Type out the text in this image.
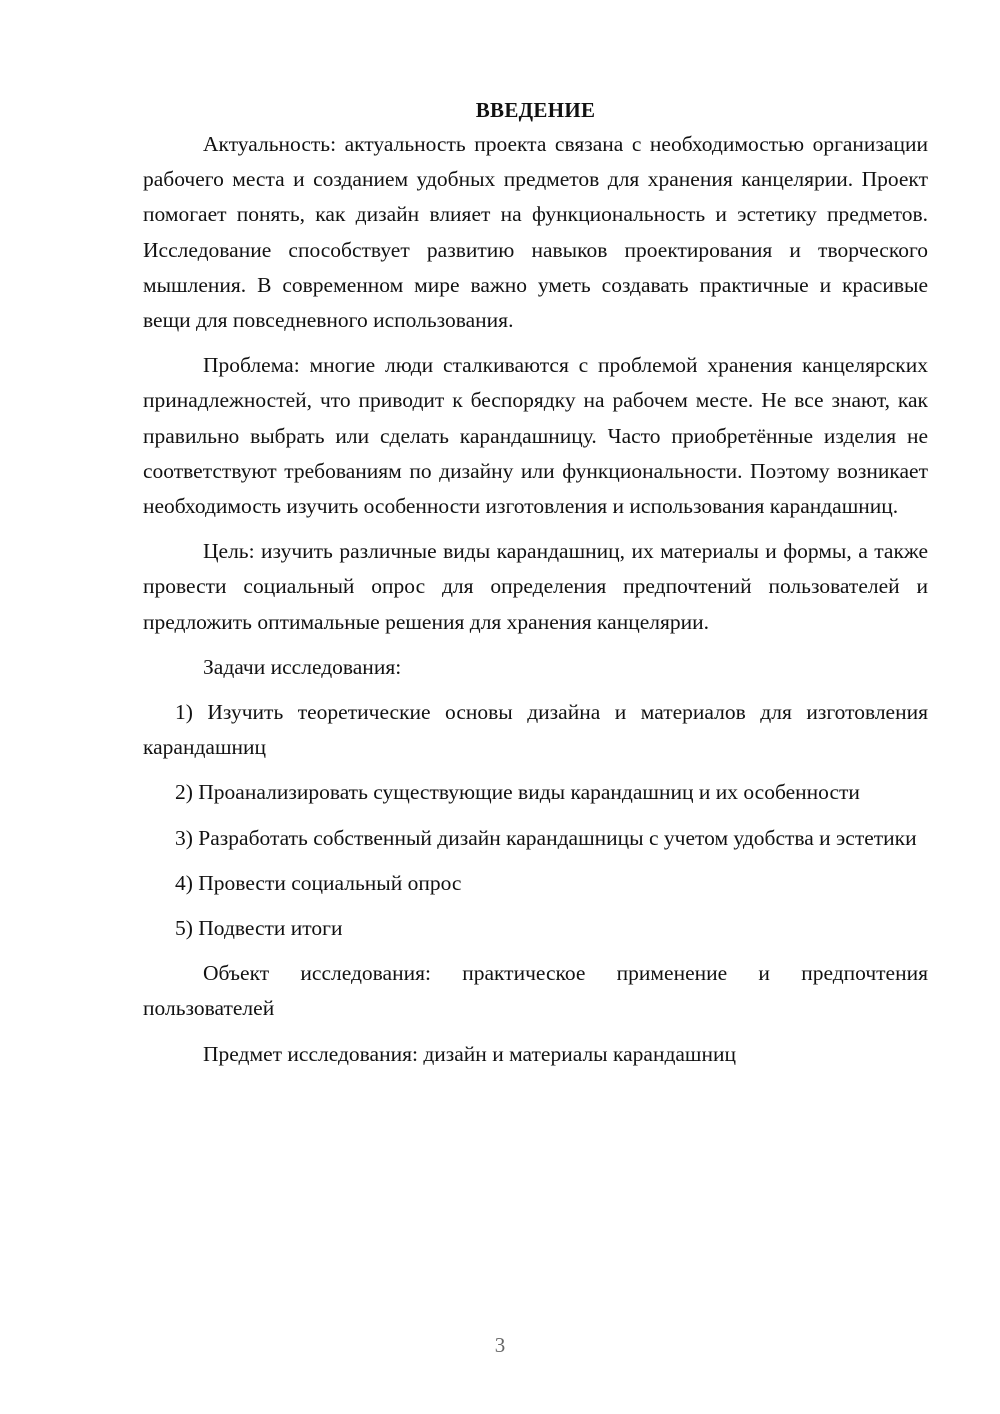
ВВЕДЕНИЕ

Актуальность: актуальность проекта связана с необходимостью организации рабочего места и созданием удобных предметов для хранения канцелярии. Проект помогает понять, как дизайн влияет на функциональность и эстетику предметов. Исследование способствует развитию навыков проектирования и творческого мышления. В современном мире важно уметь создавать практичные и красивые вещи для повседневного использования.

Проблема: многие люди сталкиваются с проблемой хранения канцелярских принадлежностей, что приводит к беспорядку на рабочем месте. Не все знают, как правильно выбрать или сделать карандашницу. Часто приобретённые изделия не соответствуют требованиям по дизайну или функциональности. Поэтому возникает необходимость изучить особенности изготовления и использования карандашниц.

Цель: изучить различные виды карандашниц, их материалы и формы, а также провести социальный опрос для определения предпочтений пользователей и предложить оптимальные решения для хранения канцелярии.

Задачи исследования:

1) Изучить теоретические основы дизайна и материалов для изготовления карандашниц

2) Проанализировать существующие виды карандашниц и их особенности

3) Разработать собственный дизайн карандашницы с учетом удобства и эстетики

4) Провести социальный опрос

5) Подвести итоги

Объект исследования: практическое применение и предпочтения пользователей

Предмет исследования: дизайн и материалы карандашниц

3
